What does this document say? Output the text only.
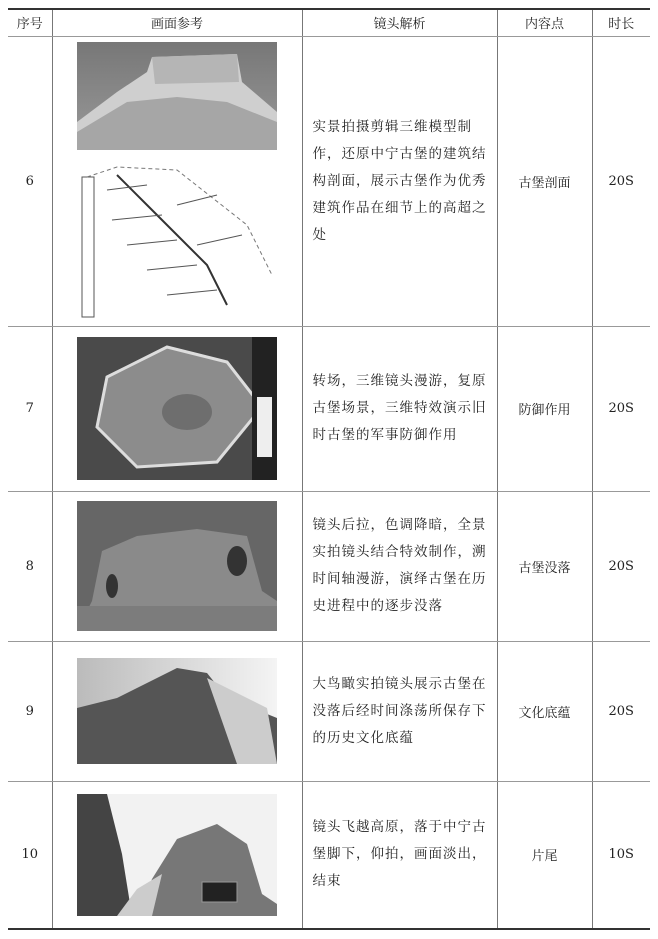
序号	画面参考	镜头解析	内容点	时长
6		实景拍摄剪辑三维模型制作，还原中宁古堡的建筑结构剖面，展示古堡作为优秀建筑作品在细节上的高超之处	古堡剖面	20S
7		转场，三维镜头漫游，复原古堡场景，三维特效演示旧时古堡的军事防御作用	防御作用	20S
8		镜头后拉，色调降暗，全景实拍镜头结合特效制作，溯时间轴漫游，演绎古堡在历史进程中的逐步没落	古堡没落	20S
9		大鸟瞰实拍镜头展示古堡在没落后经时间涤荡所保存下的历史文化底蕴	文化底蕴	20S
10		镜头飞越高原，落于中宁古堡脚下，仰拍，画面淡出，结束	片尾	10S
